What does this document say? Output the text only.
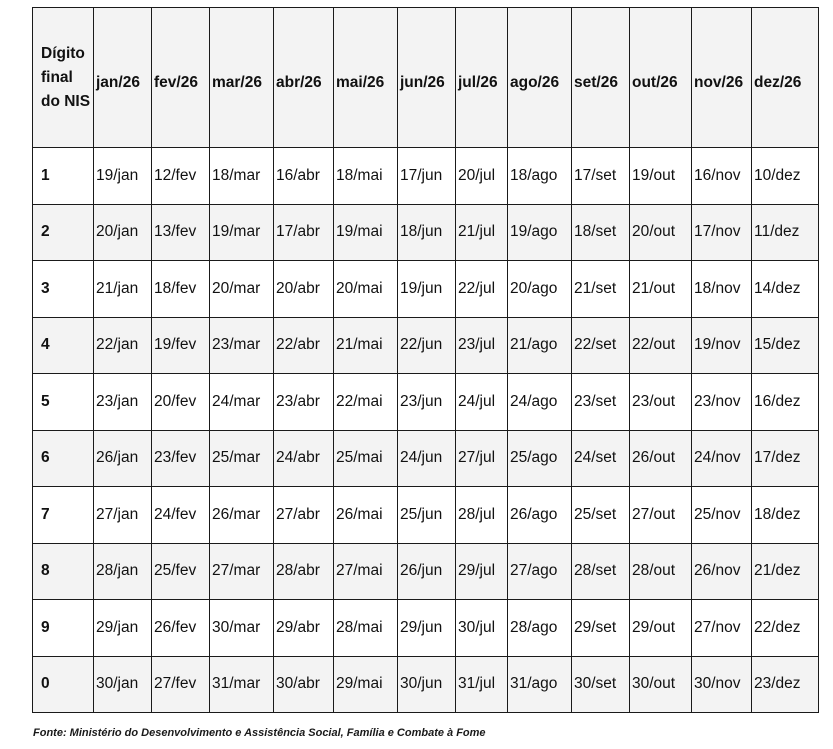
Dígito final do NIS	jan/26	fev/26	mar/26	abr/26	mai/26	jun/26	jul/26	ago/26	set/26	out/26	nov/26	dez/26
1	19/jan	12/fev	18/mar	16/abr	18/mai	17/jun	20/jul	18/ago	17/set	19/out	16/nov	10/dez
2	20/jan	13/fev	19/mar	17/abr	19/mai	18/jun	21/jul	19/ago	18/set	20/out	17/nov	11/dez
3	21/jan	18/fev	20/mar	20/abr	20/mai	19/jun	22/jul	20/ago	21/set	21/out	18/nov	14/dez
4	22/jan	19/fev	23/mar	22/abr	21/mai	22/jun	23/jul	21/ago	22/set	22/out	19/nov	15/dez
5	23/jan	20/fev	24/mar	23/abr	22/mai	23/jun	24/jul	24/ago	23/set	23/out	23/nov	16/dez
6	26/jan	23/fev	25/mar	24/abr	25/mai	24/jun	27/jul	25/ago	24/set	26/out	24/nov	17/dez
7	27/jan	24/fev	26/mar	27/abr	26/mai	25/jun	28/jul	26/ago	25/set	27/out	25/nov	18/dez
8	28/jan	25/fev	27/mar	28/abr	27/mai	26/jun	29/jul	27/ago	28/set	28/out	26/nov	21/dez
9	29/jan	26/fev	30/mar	29/abr	28/mai	29/jun	30/jul	28/ago	29/set	29/out	27/nov	22/dez
0	30/jan	27/fev	31/mar	30/abr	29/mai	30/jun	31/jul	31/ago	30/set	30/out	30/nov	23/dez
Fonte: Ministério do Desenvolvimento e Assistência Social, Família e Combate à Fome
